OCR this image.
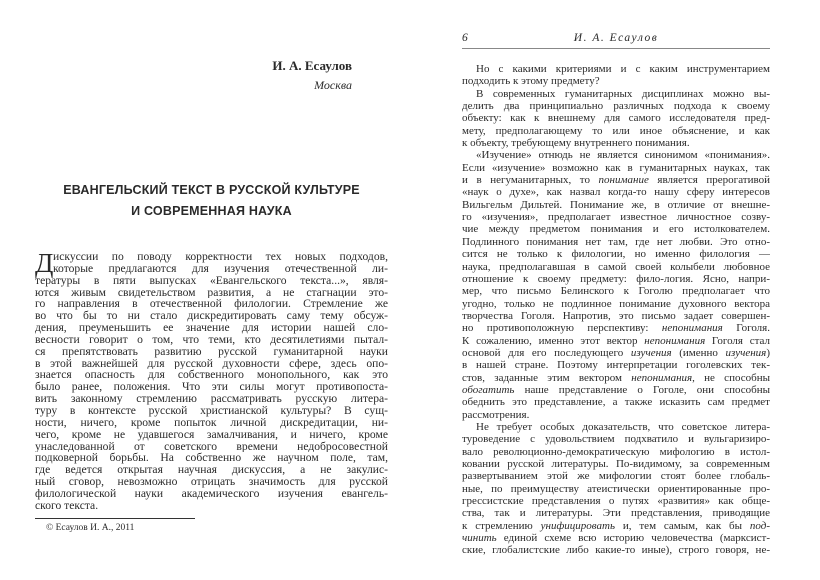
И. А. Есаулов
Москва
ЕВАНГЕЛЬСКИЙ ТЕКСТ В РУССКОЙ КУЛЬТУРЕ
И СОВРЕМЕННАЯ НАУКА
Д искуссии по поводу корректности тех новых подходов,
которые предлагаются для изучения отечественной ли-
тературы в пяти выпусках «Евангельского текста...», явля-
ются живым свидетельством развития, а не стагнации это-
го направления в отечественной филологии. Стремление же
во что бы то ни стало дискредитировать саму тему обсуж-
дения, преуменьшить ее значение для истории нашей сло-
весности говорит о том, что теми, кто десятилетиями пытал-
ся препятствовать развитию русской гуманитарной науки
в этой важнейшей для русской духовности сфере, здесь опо-
знается опасность для собственного монопольного, как это
было ранее, положения. Что эти силы могут противопоста-
вить законному стремлению рассматривать русскую литера-
туру в контексте русской христианской культуры? В сущ-
ности, ничего, кроме попыток личной дискредитации, ни-
чего, кроме не удавшегося замалчивания, и ничего, кроме
унаследованной от советского времени недобросовестной
подковерной борьбы. На собственно же научном поле, там,
где ведется открытая научная дискуссия, а не закулис-
ный сговор, невозможно отрицать значимость для русской
филологической науки академического изучения евангель-
ского текста.
© Есаулов И. А., 2011
6	И. А. Есаулов
Но с какими критериями и с каким инструментарием
подходить к этому предмету?
В современных гуманитарных дисциплинах можно вы-
делить два принципиально различных подхода к своему
объекту: как к внешнему для самого исследователя пред-
мету, предполагающему то или иное объяснение, и как
к объекту, требующему внутреннего понимания.
«Изучение» отнюдь не является синонимом «понимания».
Если «изучение» возможно как в гуманитарных науках, так
и в негуманитарных, то понимание является прерогативой
«наук о духе», как назвал когда-то нашу сферу интересов
Вильгельм Дильтей. Понимание же, в отличие от внешне-
го «изучения», предполагает известное личностное созву-
чие между предметом понимания и его истолкователем.
Подлинного понимания нет там, где нет любви. Это отно-
сится не только к филологии, но именно филология —
наука, предполагавшая в самой своей колыбели любовное
отношение к своему предмету: фило-логия. Ясно, напри-
мер, что письмо Белинского к Гоголю предполагает что
угодно, только не подлинное понимание духовного вектора
творчества Гоголя. Напротив, это письмо задает совершен-
но противоположную перспективу: непонимания Гоголя.
К сожалению, именно этот вектор непонимания Гоголя стал
основой для его последующего изучения (именно изучения)
в нашей стране. Поэтому интерпретации гоголевских тек-
стов, заданные этим вектором непонимания, не способны
обогатить наше представление о Гоголе, они способны
обеднить это представление, а также исказить сам предмет
рассмотрения.
Не требует особых доказательств, что советское литера-
туроведение с удовольствием подхватило и вульгаризиро-
вало революционно-демократическую мифологию в истол-
ковании русской литературы. По-видимому, за современным
развертыванием этой же мифологии стоят более глобаль-
ные, по преимуществу атеистически ориентированные про-
грессистские представления о путях «развития» как обще-
ства, так и литературы. Эти представления, приводящие
к стремлению унифицировать и, тем самым, как бы под-
чинить единой схеме всю историю человечества (марксист-
ские, глобалистские либо какие-то иные), строго говоря, не-
